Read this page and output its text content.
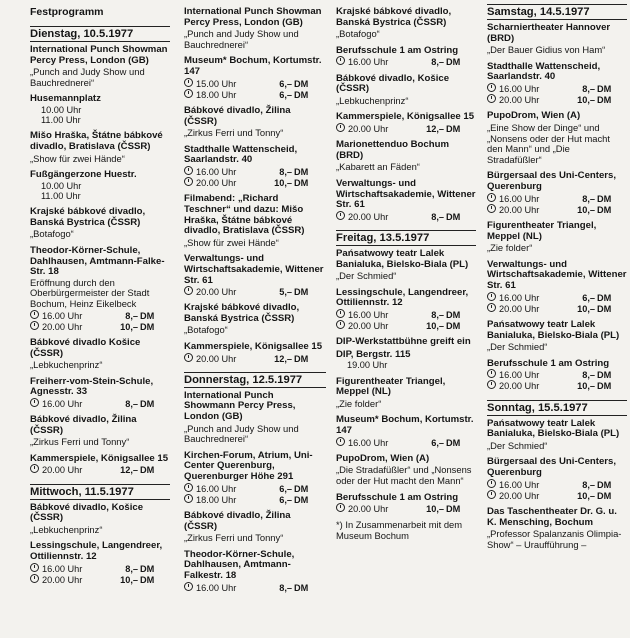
Festprogramm
Dienstag, 10.5.1977
International Punch Showman Percy Press, London (GB)
„Punch and Judy Show und Bauchrednerei“
Husemannplatz
10.00 Uhr
11.00 Uhr
Mišo Hraška, Štátne bábkové divadlo, Bratislava (ČSSR)
„Show für zwei Hände“
Fußgängerzone Huestr.
10.00 Uhr
11.00 Uhr
Krajské bábkové divadlo, Banská Bystrica (ČSSR)
„Botafogo“
Theodor-Körner-Schule, Dahlhausen, Amtmann-Falke-Str. 18
Eröffnung durch den Oberbürgermeister der Stadt Bochum, Heinz Eikelbeck
16.00 Uhr	8,– DM
20.00 Uhr	10,– DM
Bábkové divadlo Košice (ČSSR)
„Lebkuchenprinz“
Freiherr-vom-Stein-Schule, Agnesstr. 33
16.00 Uhr	8,– DM
Bábkové divadlo, Žilina (ČSSR)
„Zirkus Ferri und Tonny“
Kammerspiele, Königsallee 15
20.00 Uhr	12,– DM
Mittwoch, 11.5.1977
Bábkové divadlo, Košice (ČSSR)
„Lebkuchenprinz“
Lessingschule, Langendreer, Ottiliennstr. 12
16.00 Uhr	8,– DM
20.00 Uhr	10,– DM
International Punch Showman Percy Press, London (GB)
„Punch and Judy Show und Bauchrednerei“
Museum* Bochum, Kortumstr. 147
15.00 Uhr	6,– DM
18.00 Uhr	6,– DM
Bábkové divadlo, Žilina (ČSSR)
„Zirkus Ferri und Tonny“
Stadthalle Wattenscheid, Saarlandstr. 40
16.00 Uhr	8,– DM
20.00 Uhr	10,– DM
Filmabend: „Richard Teschner“ und dazu: Mišo Hraška, Štátne bábkové divadlo, Bratislava (ČSSR)
„Show für zwei Hände“
Verwaltungs- und Wirtschaftsakademie, Wittener Str. 61
20.00 Uhr	5,– DM
Krajské bábkové divadlo, Banská Bystrica (ČSSR)
„Botafogo“
Kammerspiele, Königsallee 15
20.00 Uhr	12,– DM
Donnerstag, 12.5.1977
International Punch Showmann Percy Press, London (GB)
„Punch and Judy Show und Bauchrednerei“
Kirchen-Forum, Atrium, Uni-Center Querenburg, Querenburger Höhe 291
16.00 Uhr	6,– DM
18.00 Uhr	6,– DM
Bábkové divadlo, Žilina (ČSSR)
„Zirkus Ferri und Tonny“
Theodor-Körner-Schule, Dahlhausen, Amtmann-Falkestr. 18
16.00 Uhr	8,– DM
Krajské bábkové divadlo, Banská Bystrica (ČSSR)
„Botafogo“
Berufsschule 1 am Ostring
16.00 Uhr	8,– DM
Bábkové divadlo, Košice (ČSSR)
„Lebkuchenprinz“
Kammerspiele, Königsallee 15
20.00 Uhr	12,– DM
Marionettenduo Bochum (BRD)
„Kabarett an Fäden“
Verwaltungs- und Wirtschaftsakademie, Wittener Str. 61
20.00 Uhr	8,– DM
Freitag, 13.5.1977
Pańsatwowy teatr Lalek Banialuka, Bielsko-Biala (PL)
„Der Schmied“
Lessingschule, Langendreer, Ottiliennstr. 12
16.00 Uhr	8,– DM
20.00 Uhr	10,– DM
DIP-Werkstattbühne greift ein
DIP, Bergstr. 115
19.00 Uhr
Figurentheater Triangel, Meppel (NL)
„Zie folder“
Museum* Bochum, Kortumstr. 147
16.00 Uhr	6,– DM
PupoDrom, Wien (A)
„Die Stradafüßler“ und „Nonsens oder der Hut macht den Mann“
Berufsschule 1 am Ostring
20.00 Uhr	10,– DM
*) In Zusammenarbeit mit dem Museum Bochum
Samstag, 14.5.1977
Scharniertheater Hannover (BRD)
„Der Bauer Gidius von Ham“
Stadthalle Wattenscheid, Saarlandstr. 40
16.00 Uhr	8,– DM
20.00 Uhr	10,– DM
PupoDrom, Wien (A)
„Eine Show der Dinge“ und „Nonsens oder der Hut macht den Mann“ und „Die Stradafüßler“
Bürgersaal des Uni-Centers, Querenburg
16.00 Uhr	8,– DM
20.00 Uhr	10,– DM
Figurentheater Triangel, Meppel (NL)
„Zie folder“
Verwaltungs- und Wirtschaftsakademie, Wittener Str. 61
16.00 Uhr	6,– DM
20.00 Uhr	10,– DM
Pańsatwowy teatr Lalek Banialuka, Bielsko-Biala (PL)
„Der Schmied“
Berufsschule 1 am Ostring
16.00 Uhr	8,– DM
20.00 Uhr	10,– DM
Sonntag, 15.5.1977
Pańsatwowy teatr Lalek Banialuka, Bielsko-Biala (PL)
„Der Schmied“
Bürgersaal des Uni-Centers, Querenburg
16.00 Uhr	8,– DM
20.00 Uhr	10,– DM
Das Taschentheater Dr. G. u. K. Mensching, Bochum
„Professor Spalanzanis Olimpia-Show“ – Uraufführung –
